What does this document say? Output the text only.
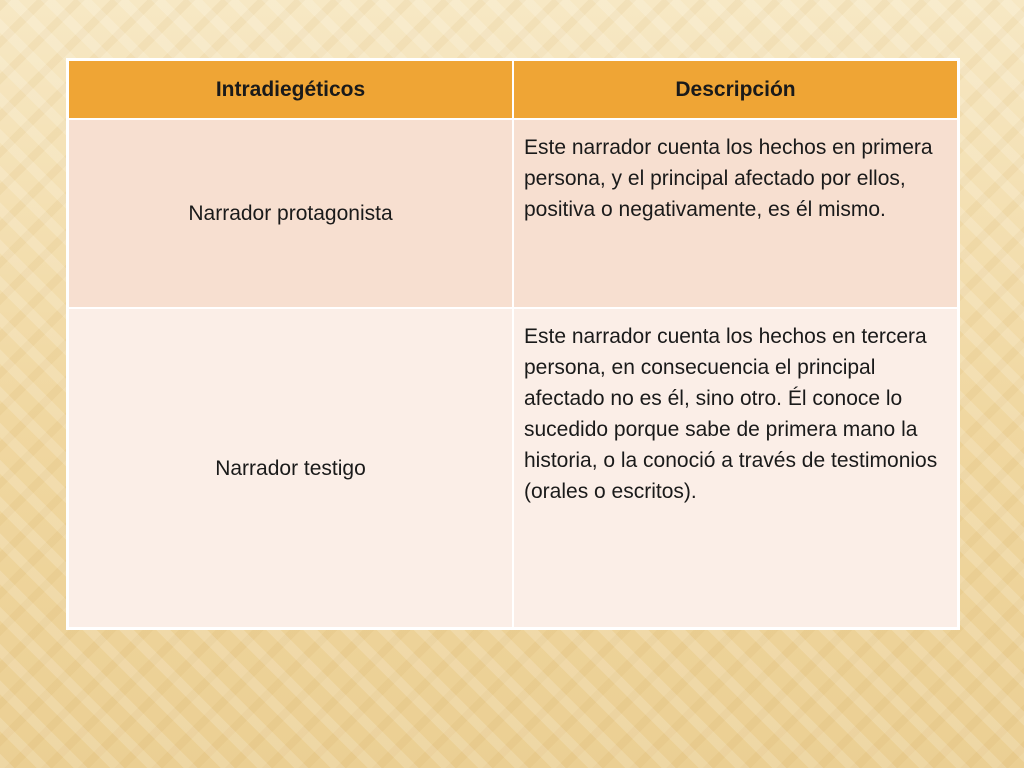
Intradiegéticos	Descripción
Narrador protagonista	Este narrador cuenta los hechos en primera persona, y el principal afectado por ellos, positiva o negativamente, es él mismo.
Narrador testigo	Este narrador cuenta los hechos en tercera persona, en consecuencia el principal afectado no es él, sino otro. Él conoce lo sucedido porque sabe de primera mano la historia, o la conoció a través de testimonios (orales o escritos).
